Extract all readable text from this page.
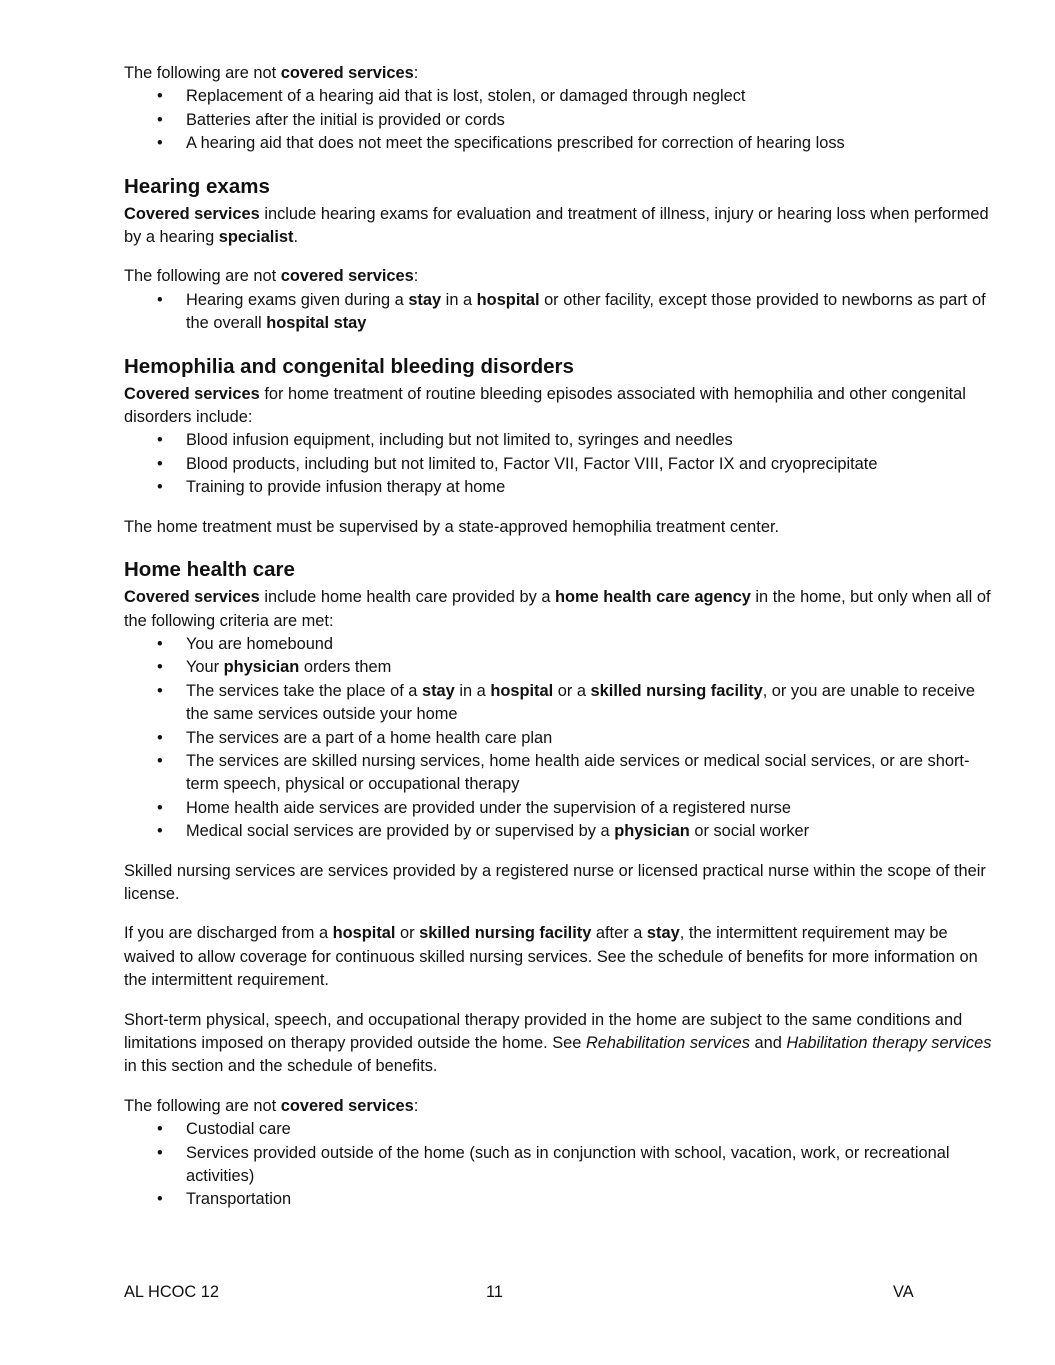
The following are not covered services:

• Replacement of a hearing aid that is lost, stolen, or damaged through neglect
• Batteries after the initial is provided or cords
• A hearing aid that does not meet the specifications prescribed for correction of hearing loss
Hearing exams

Covered services include hearing exams for evaluation and treatment of illness, injury or hearing loss when performed by a hearing specialist.

The following are not covered services:

• Hearing exams given during a stay in a hospital or other facility, except those provided to newborns as part of the overall hospital stay
Hemophilia and congenital bleeding disorders

Covered services for home treatment of routine bleeding episodes associated with hemophilia and other congenital disorders include:

• Blood infusion equipment, including but not limited to, syringes and needles
• Blood products, including but not limited to, Factor VII, Factor VIII, Factor IX and cryoprecipitate
• Training to provide infusion therapy at home

The home treatment must be supervised by a state-approved hemophilia treatment center.

Home health care

Covered services include home health care provided by a home health care agency in the home, but only when all of the following criteria are met:

• You are homebound
• Your physician orders them
• The services take the place of a stay in a hospital or a skilled nursing facility, or you are unable to receive the same services outside your home
• The services are a part of a home health care plan
• The services are skilled nursing services, home health aide services or medical social services, or are short-term speech, physical or occupational therapy
• Home health aide services are provided under the supervision of a registered nurse
• Medical social services are provided by or supervised by a physician or social worker

Skilled nursing services are services provided by a registered nurse or licensed practical nurse within the scope of their license.

If you are discharged from a hospital or skilled nursing facility after a stay, the intermittent requirement may be waived to allow coverage for continuous skilled nursing services. See the schedule of benefits for more information on the intermittent requirement.

Short-term physical, speech, and occupational therapy provided in the home are subject to the same conditions and limitations imposed on therapy provided outside the home. See Rehabilitation services and Habilitation therapy services in this section and the schedule of benefits.

The following are not covered services:

• Custodial care
• Services provided outside of the home (such as in conjunction with school, vacation, work, or recreational activities)
• Transportation
AL HCOC 12	11	VA
